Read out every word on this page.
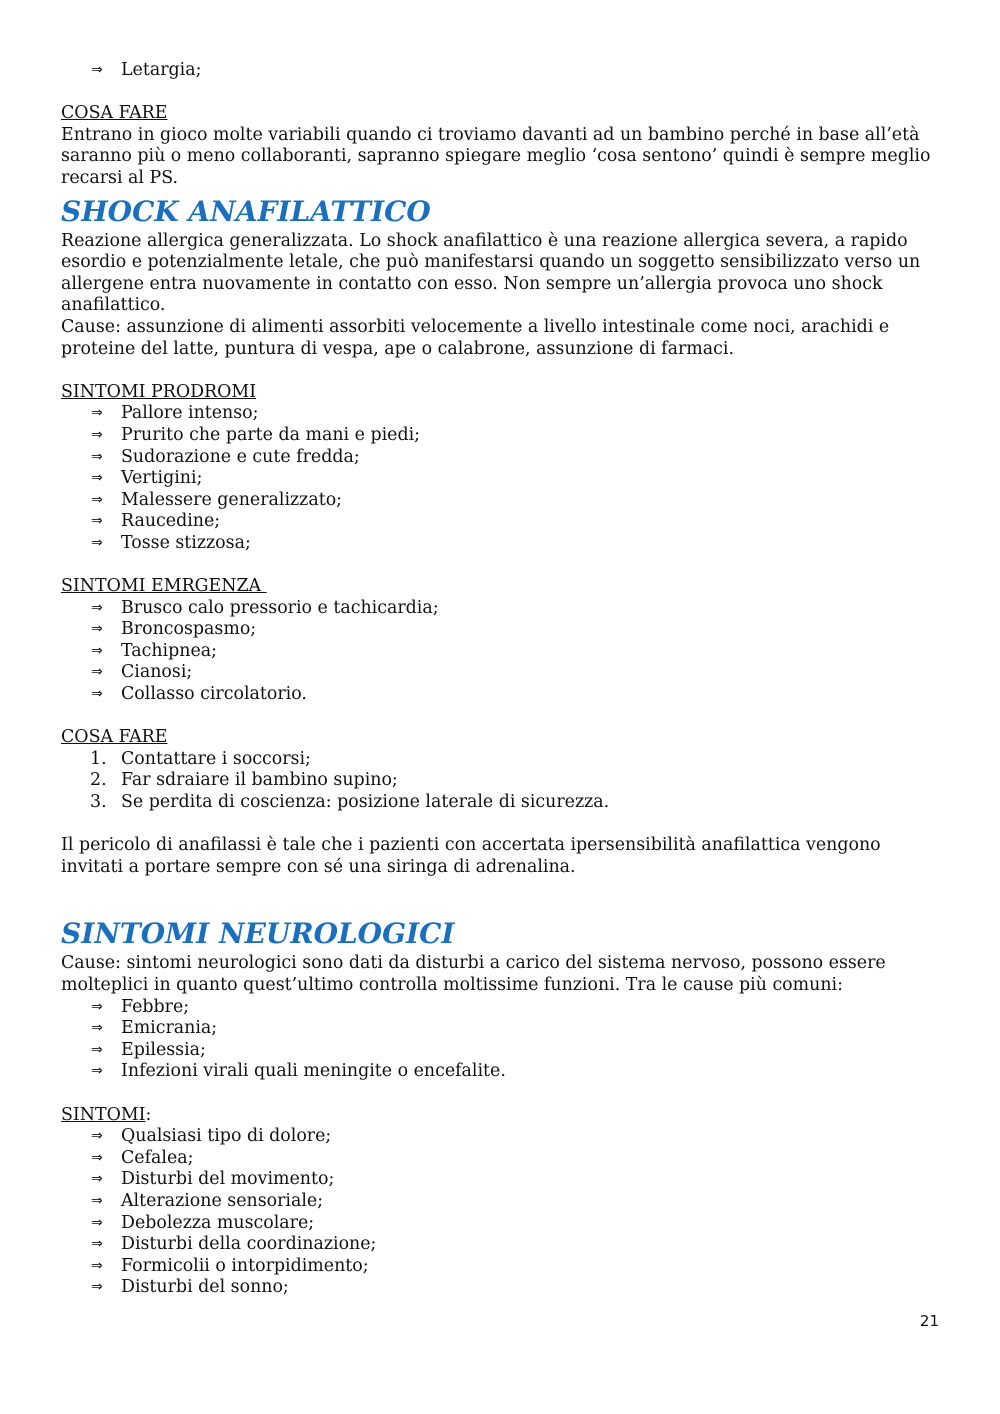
⇒ Letargia;

COSA FARE

Entrano in gioco molte variabili quando ci troviamo davanti ad un bambino perché in base all’età saranno più o meno collaboranti, sapranno spiegare meglio ‘cosa sentono’ quindi è sempre meglio recarsi al PS.

SHOCK ANAFILATTICO

Reazione allergica generalizzata. Lo shock anafilattico è una reazione allergica severa, a rapido esordio e potenzialmente letale, che può manifestarsi quando un soggetto sensibilizzato verso un allergene entra nuovamente in contatto con esso. Non sempre un’allergia provoca uno shock anafilattico.

Cause: assunzione di alimenti assorbiti velocemente a livello intestinale come noci, arachidi e proteine del latte, puntura di vespa, ape o calabrone, assunzione di farmaci.

SINTOMI PRODROMI

⇒ Pallore intenso;
⇒ Prurito che parte da mani e piedi;
⇒ Sudorazione e cute fredda;
⇒ Vertigini;
⇒ Malessere generalizzato;
⇒ Raucedine;
⇒ Tosse stizzosa;

SINTOMI EMRGENZA

⇒ Brusco calo pressorio e tachicardia;
⇒ Broncospasmo;
⇒ Tachipnea;
⇒ Cianosi;
⇒ Collasso circolatorio.

COSA FARE

1. Contattare i soccorsi;
2. Far sdraiare il bambino supino;
3. Se perdita di coscienza: posizione laterale di sicurezza.

Il pericolo di anafilassi è tale che i pazienti con accertata ipersensibilità anafilattica vengono invitati a portare sempre con sé una siringa di adrenalina.

SINTOMI NEUROLOGICI

Cause: sintomi neurologici sono dati da disturbi a carico del sistema nervoso, possono essere molteplici in quanto quest’ultimo controlla moltissime funzioni. Tra le cause più comuni:

⇒ Febbre;
⇒ Emicrania;
⇒ Epilessia;
⇒ Infezioni virali quali meningite o encefalite.

SINTOMI:

⇒ Qualsiasi tipo di dolore;
⇒ Cefalea;
⇒ Disturbi del movimento;
⇒ Alterazione sensoriale;
⇒ Debolezza muscolare;
⇒ Disturbi della coordinazione;
⇒ Formicolii o intorpidimento;
⇒ Disturbi del sonno;
21
